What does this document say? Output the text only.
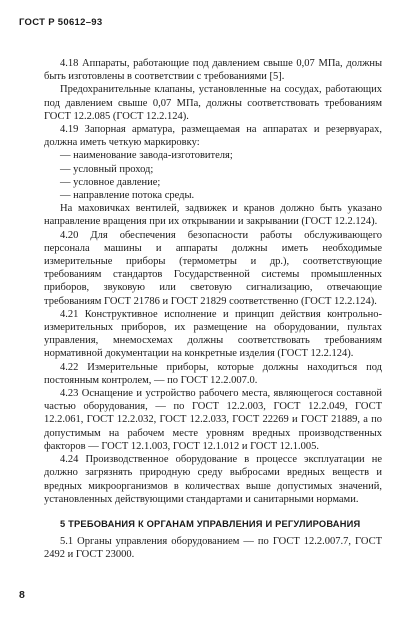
ГОСТ Р 50612–93

4.18 Аппараты, работающие под давлением свыше 0,07 МПа, должны быть изготовлены в соответствии с требованиями [5].

Предохранительные клапаны, установленные на сосудах, работающих под давлением свыше 0,07 МПа, должны соответствовать требованиям ГОСТ 12.2.085 (ГОСТ 12.2.124).

4.19 Запорная арматура, размещаемая на аппаратах и резервуарах, должна иметь четкую маркировку:

— наименование завода-изготовителя;
— условный проход;
— условное давление;
— направление потока среды.

На маховичках вентилей, задвижек и кранов должно быть указано направление вращения при их открывании и закрывании (ГОСТ 12.2.124).

4.20 Для обеспечения безопасности работы обслуживающего персонала машины и аппараты должны иметь необходимые измерительные приборы (термометры и др.), соответствующие требованиям стандартов Государственной системы промышленных приборов, звуковую или световую сигнализацию, отвечающие требованиям ГОСТ 21786 и ГОСТ 21829 соответственно (ГОСТ 12.2.124).

4.21 Конструктивное исполнение и принцип действия контрольно-измерительных приборов, их размещение на оборудовании, пультах управления, мнемосхемах должны соответствовать требованиям нормативной документации на конкретные изделия (ГОСТ 12.2.124).

4.22 Измерительные приборы, которые должны находиться под постоянным контролем, — по ГОСТ 12.2.007.0.

4.23 Оснащение и устройство рабочего места, являющегося составной частью оборудования, — по ГОСТ 12.2.003, ГОСТ 12.2.049, ГОСТ 12.2.061, ГОСТ 12.2.032, ГОСТ 12.2.033, ГОСТ 22269 и ГОСТ 21889, а по допустимым на рабочем месте уровням вредных производственных факторов — ГОСТ 12.1.003, ГОСТ 12.1.012 и ГОСТ 12.1.005.

4.24 Производственное оборудование в процессе эксплуатации не должно загрязнять природную среду выбросами вредных веществ и вредных микроорганизмов в количествах выше допустимых значений, установленных действующими стандартами и санитарными нормами.

5 ТРЕБОВАНИЯ К ОРГАНАМ УПРАВЛЕНИЯ И РЕГУЛИРОВАНИЯ

5.1 Органы управления оборудованием — по ГОСТ 12.2.007.7, ГОСТ 2492 и ГОСТ 23000.

8
